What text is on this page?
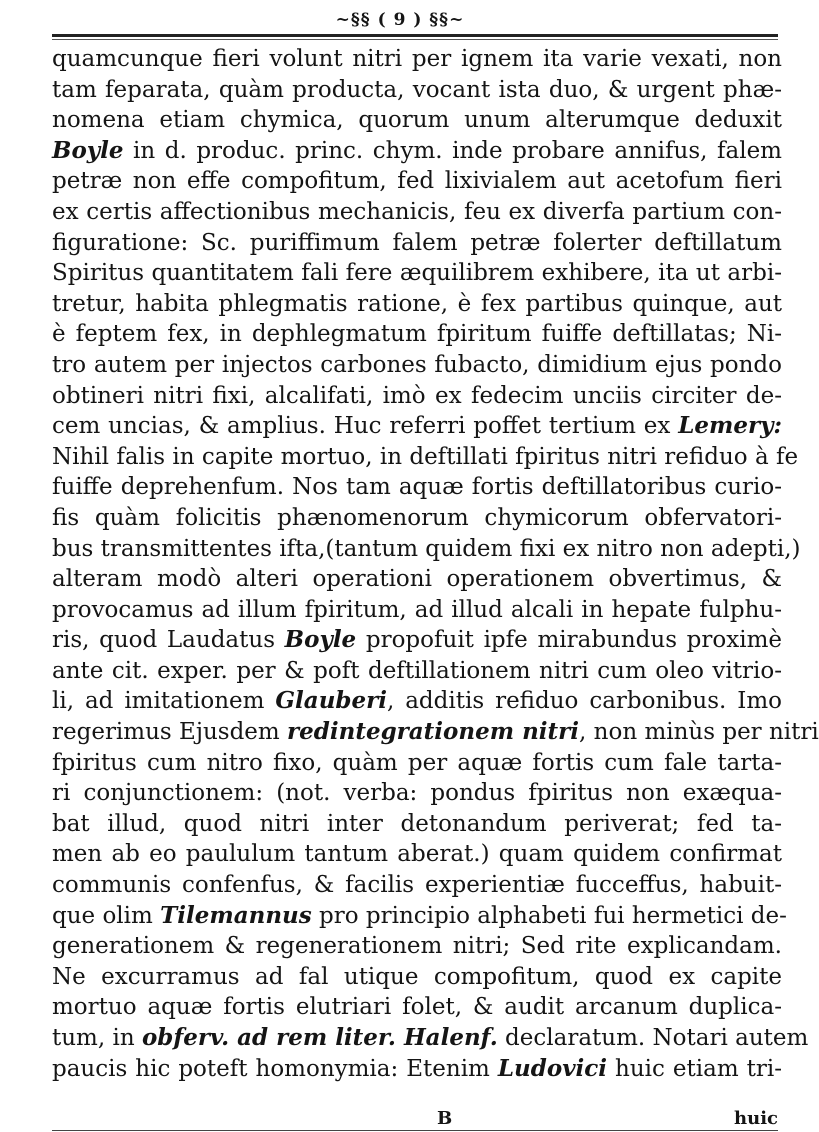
~§§ ( 9 ) §§~
quamcunque fieri volunt nitri per ignem ita varie vexati, non
tam feparata, quàm producta, vocant ista duo, & urgent phæ-
nomena etiam chymica, quorum unum alterumque deduxit
Boyle in d. produc. princ. chym. inde probare annifus, falem
petræ non effe compofitum, fed lixivialem aut acetofum fieri
ex certis affectionibus mechanicis, feu ex diverfa partium con-
figuratione: Sc. puriffimum falem petræ folerter deftillatum
Spiritus quantitatem fali fere æquilibrem exhibere, ita ut arbi-
tretur, habita phlegmatis ratione, è fex partibus quinque, aut
è feptem fex, in dephlegmatum fpiritum fuiffe deftillatas; Ni-
tro autem per injectos carbones fubacto, dimidium ejus pondo
obtineri nitri fixi, alcalifati, imò ex fedecim unciis circiter de-
cem uncias, & amplius. Huc referri poffet tertium ex Lemery:
Nihil falis in capite mortuo, in deftillati fpiritus nitri refiduo à fe
fuiffe deprehenfum. Nos tam aquæ fortis deftillatoribus curio-
fis quàm folicitis phænomenorum chymicorum obfervatori-
bus transmittentes ifta,(tantum quidem fixi ex nitro non adepti,)
alteram modò alteri operationi operationem obvertimus, &
provocamus ad illum fpiritum, ad illud alcali in hepate fulphu-
ris, quod Laudatus Boyle propofuit ipfe mirabundus proximè
ante cit. exper. per & poft deftillationem nitri cum oleo vitrio-
li, ad imitationem Glauberi, additis refiduo carbonibus. Imo
regerimus Ejusdem redintegrationem nitri, non minùs per nitri
fpiritus cum nitro fixo, quàm per aquæ fortis cum fale tarta-
ri conjunctionem: (not. verba: pondus fpiritus non exæqua-
bat illud, quod nitri inter detonandum periverat; fed ta-
men ab eo paululum tantum aberat.) quam quidem confirmat
communis confenfus, & facilis experientiæ fucceffus, habuit-
que olim Tilemannus pro principio alphabeti fui hermetici de-
generationem & regenerationem nitri; Sed rite explicandam.
Ne excurramus ad fal utique compofitum, quod ex capite
mortuo aquæ fortis elutriari folet, & audit arcanum duplica-
tum, in obferv. ad rem liter. Halenf. declaratum. Notari autem
paucis hic poteft homonymia: Etenim Ludovici huic etiam tri-
B	huic
